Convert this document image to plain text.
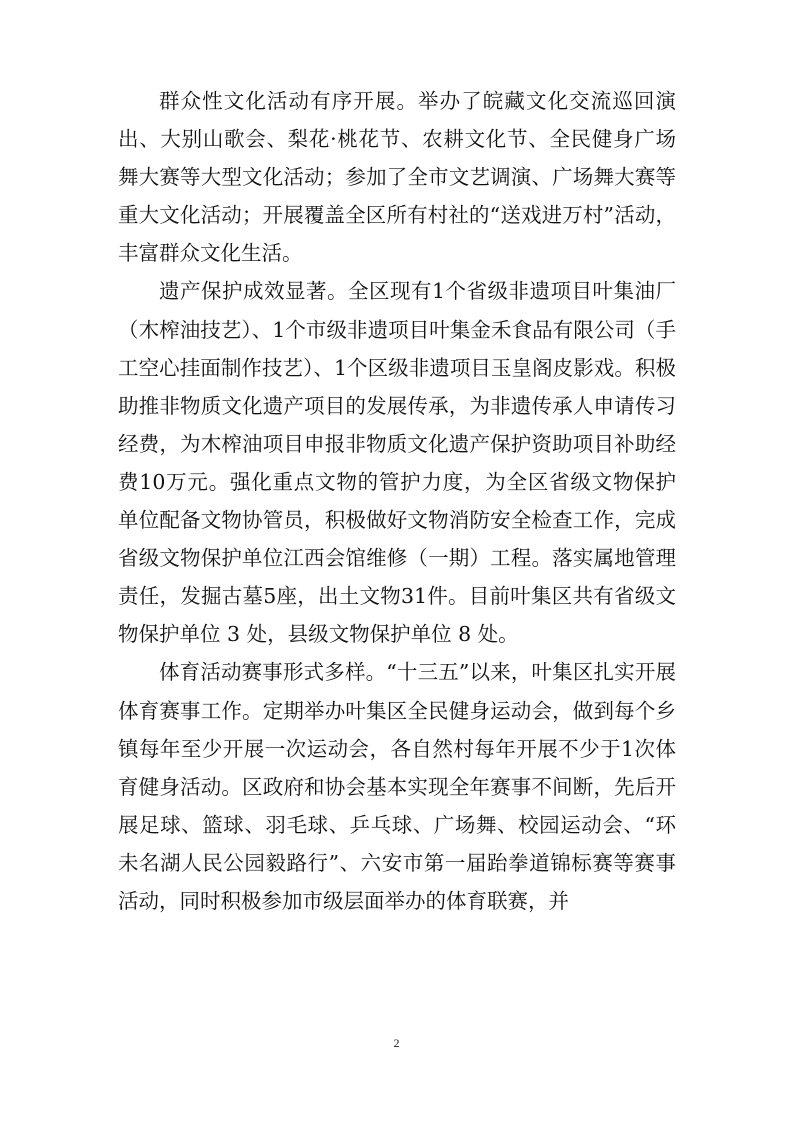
群众性文化活动有序开展。举办了皖藏文化交流巡回演出、大别山歌会、梨花·桃花节、农耕文化节、全民健身广场舞大赛等大型文化活动；参加了全市文艺调演、广场舞大赛等重大文化活动；开展覆盖全区所有村社的“送戏进万村”活动，丰富群众文化生活。

遗产保护成效显著。全区现有1个省级非遗项目叶集油厂（木榨油技艺）、1个市级非遗项目叶集金禾食品有限公司（手工空心挂面制作技艺）、1个区级非遗项目玉皇阁皮影戏。积极助推非物质文化遗产项目的发展传承，为非遗传承人申请传习经费，为木榨油项目申报非物质文化遗产保护资助项目补助经费10万元。强化重点文物的管护力度，为全区省级文物保护单位配备文物协管员，积极做好文物消防安全检查工作，完成省级文物保护单位江西会馆维修（一期）工程。落实属地管理责任，发掘古墓5座，出土文物31件。目前叶集区共有省级文物保护单位 3 处，县级文物保护单位 8 处。

体育活动赛事形式多样。“十三五”以来，叶集区扎实开展体育赛事工作。定期举办叶集区全民健身运动会，做到每个乡镇每年至少开展一次运动会，各自然村每年开展不少于1次体育健身活动。区政府和协会基本实现全年赛事不间断，先后开展足球、篮球、羽毛球、乒乓球、广场舞、校园运动会、“环未名湖人民公园毅路行”、六安市第一届跆拳道锦标赛等赛事活动，同时积极参加市级层面举办的体育联赛，并

2
